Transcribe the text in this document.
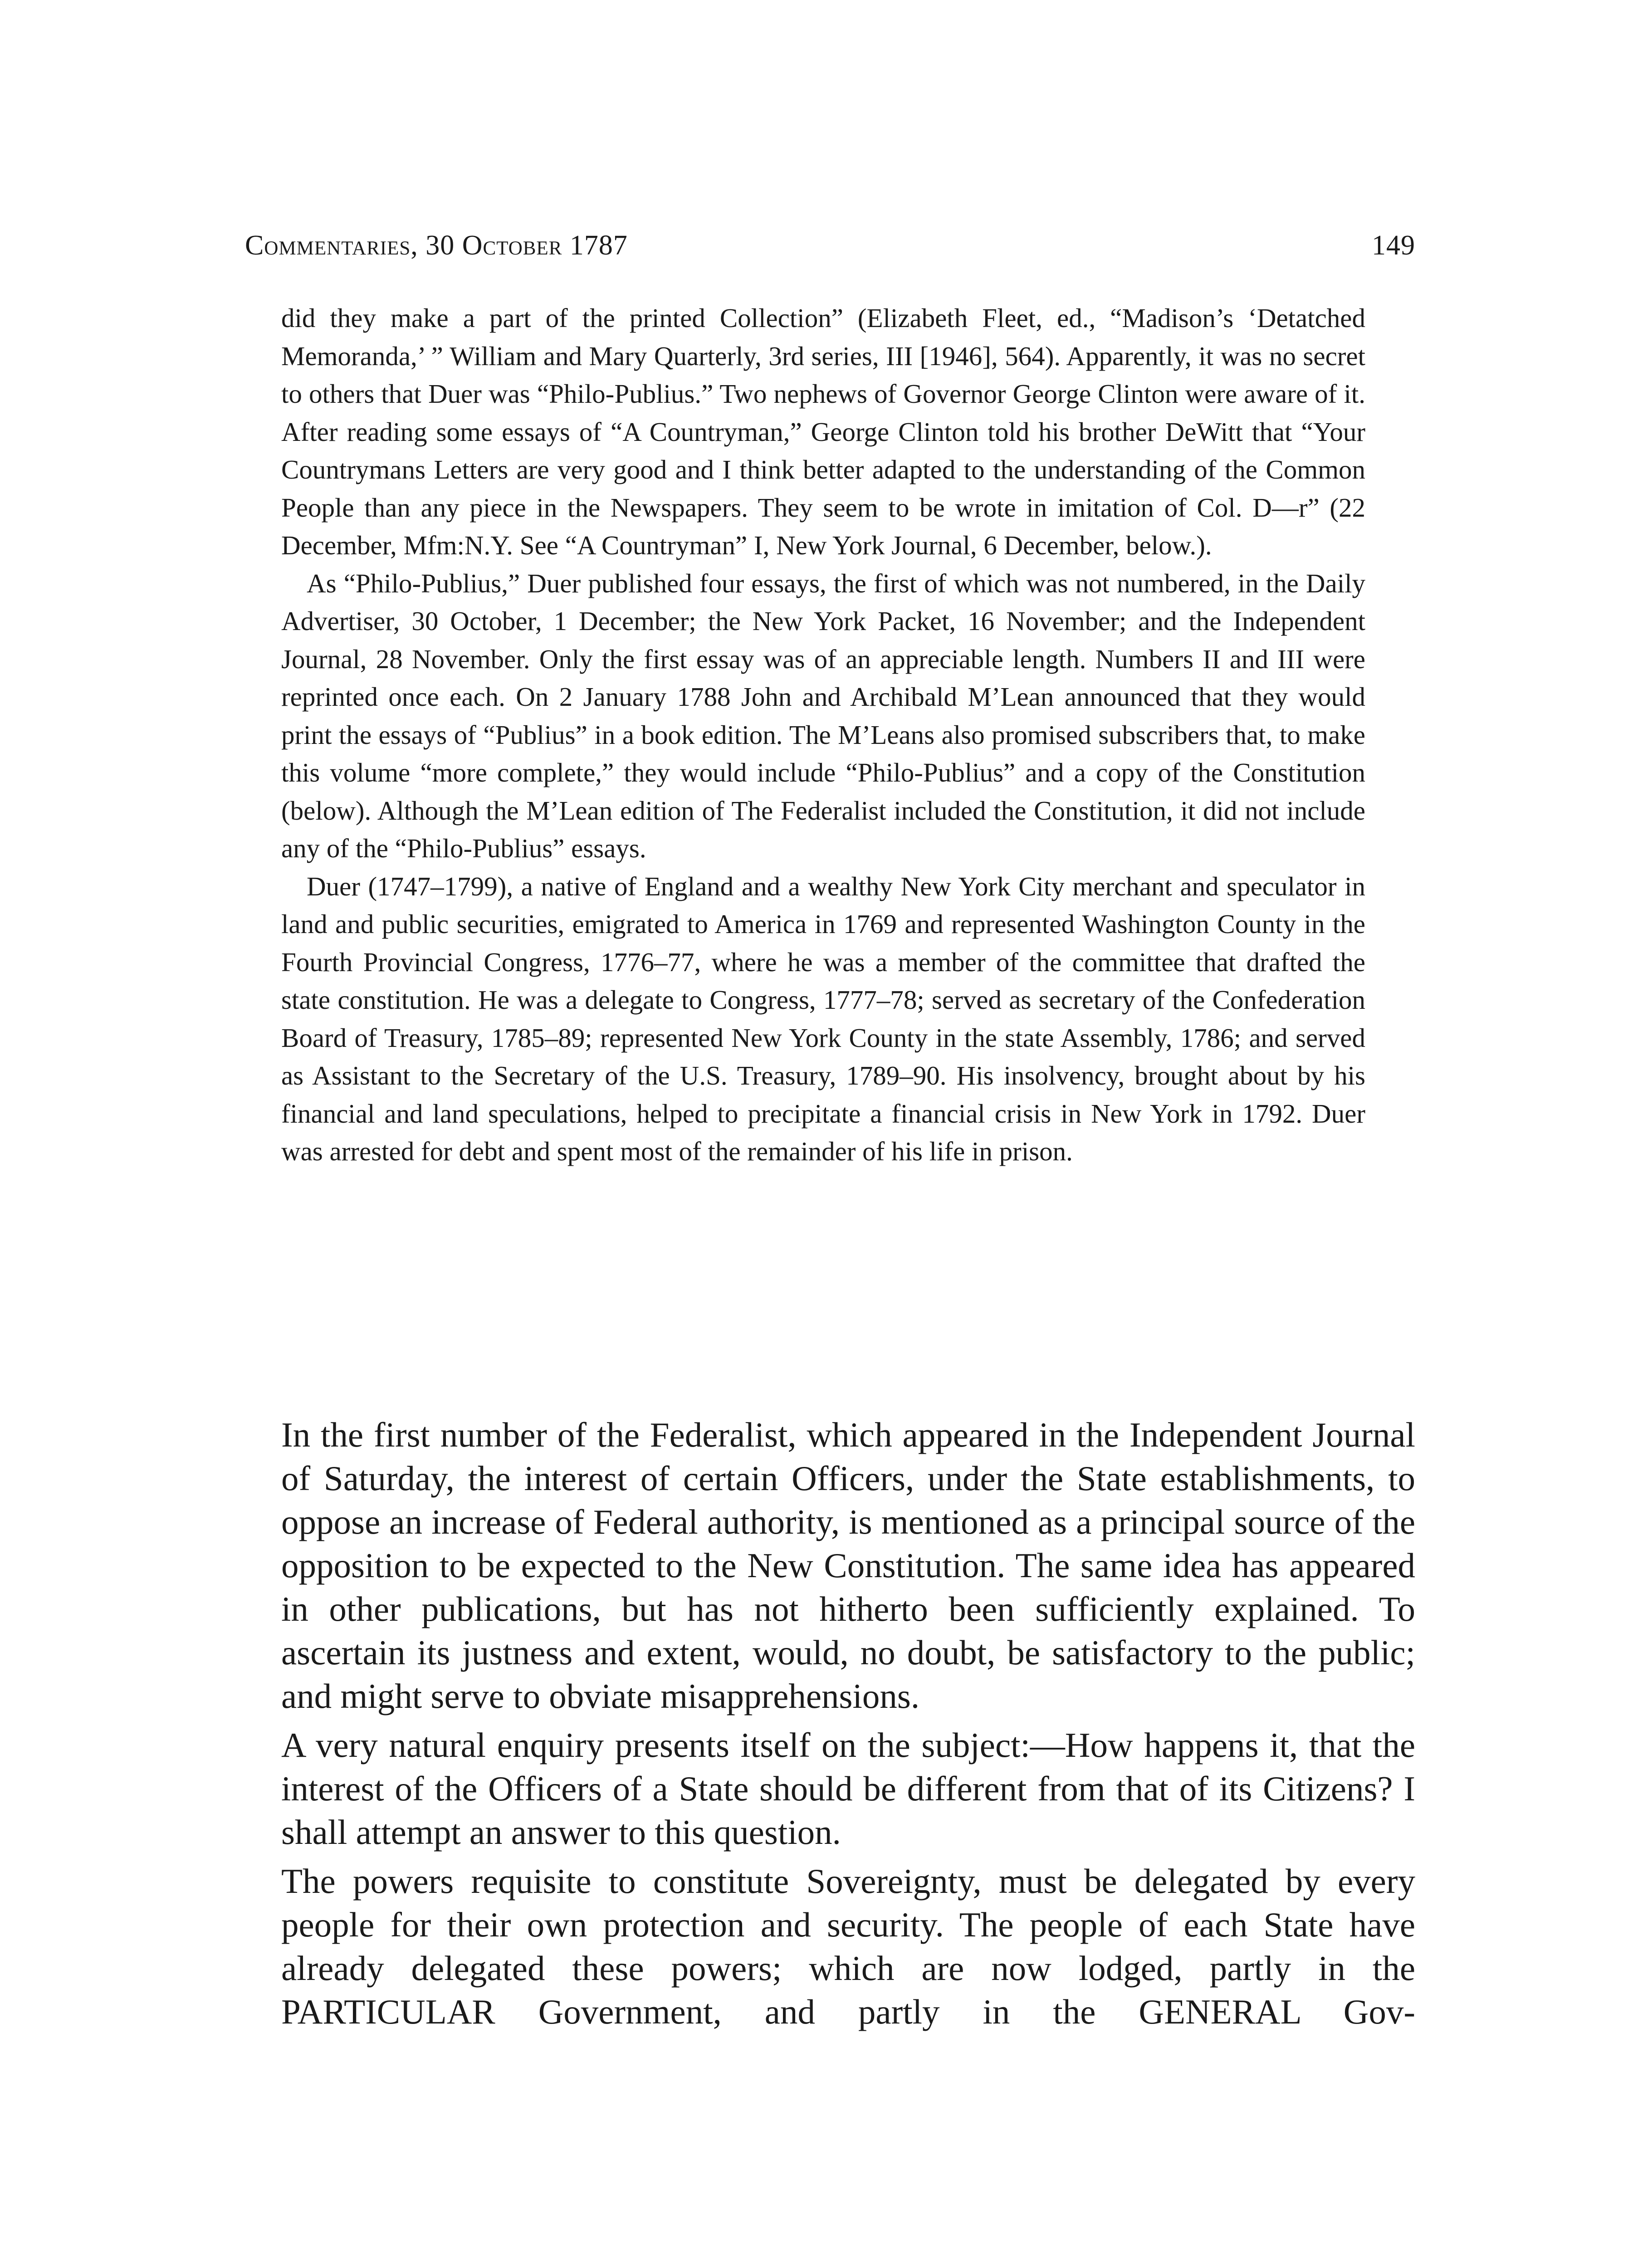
Commentaries, 30 October 1787	149

did they make a part of the printed Collection” (Elizabeth Fleet, ed., “Madison’s ‘Detatched Memoranda,’ ” William and Mary Quarterly, 3rd series, III [1946], 564). Apparently, it was no secret to others that Duer was “Philo-Publius.” Two nephews of Governor George Clinton were aware of it. After reading some essays of “A Countryman,” George Clinton told his brother DeWitt that “Your Countrymans Letters are very good and I think better adapted to the understanding of the Common People than any piece in the Newspapers. They seem to be wrote in imitation of Col. D—r” (22 December, Mfm:N.Y. See “A Countryman” I, New York Journal, 6 December, below.).

As “Philo-Publius,” Duer published four essays, the first of which was not numbered, in the Daily Advertiser, 30 October, 1 December; the New York Packet, 16 November; and the Independent Journal, 28 November. Only the first essay was of an appreciable length. Numbers II and III were reprinted once each. On 2 January 1788 John and Archibald M’Lean announced that they would print the essays of “Publius” in a book edition. The M’Leans also promised subscribers that, to make this volume “more complete,” they would include “Philo-Publius” and a copy of the Constitution (below). Although the M’Lean edition of The Federalist included the Constitution, it did not include any of the “Philo-Publius” essays.

Duer (1747–1799), a native of England and a wealthy New York City merchant and speculator in land and public securities, emigrated to America in 1769 and represented Washington County in the Fourth Provincial Congress, 1776–77, where he was a member of the committee that drafted the state constitution. He was a delegate to Congress, 1777–78; served as secretary of the Confederation Board of Treasury, 1785–89; represented New York County in the state Assembly, 1786; and served as Assistant to the Secretary of the U.S. Treasury, 1789–90. His insolvency, brought about by his financial and land speculations, helped to precipitate a financial crisis in New York in 1792. Duer was arrested for debt and spent most of the remainder of his life in prison.

In the first number of the Federalist, which appeared in the Independent Journal of Saturday, the interest of certain Officers, under the State establishments, to oppose an increase of Federal authority, is mentioned as a principal source of the opposition to be expected to the New Constitution. The same idea has appeared in other publications, but has not hitherto been sufficiently explained. To ascertain its justness and extent, would, no doubt, be satisfactory to the public; and might serve to obviate misapprehensions.

A very natural enquiry presents itself on the subject:—How happens it, that the interest of the Officers of a State should be different from that of its Citizens? I shall attempt an answer to this question.

The powers requisite to constitute Sovereignty, must be delegated by every people for their own protection and security. The people of each State have already delegated these powers; which are now lodged, partly in the PARTICULAR Government, and partly in the GENERAL Gov-
